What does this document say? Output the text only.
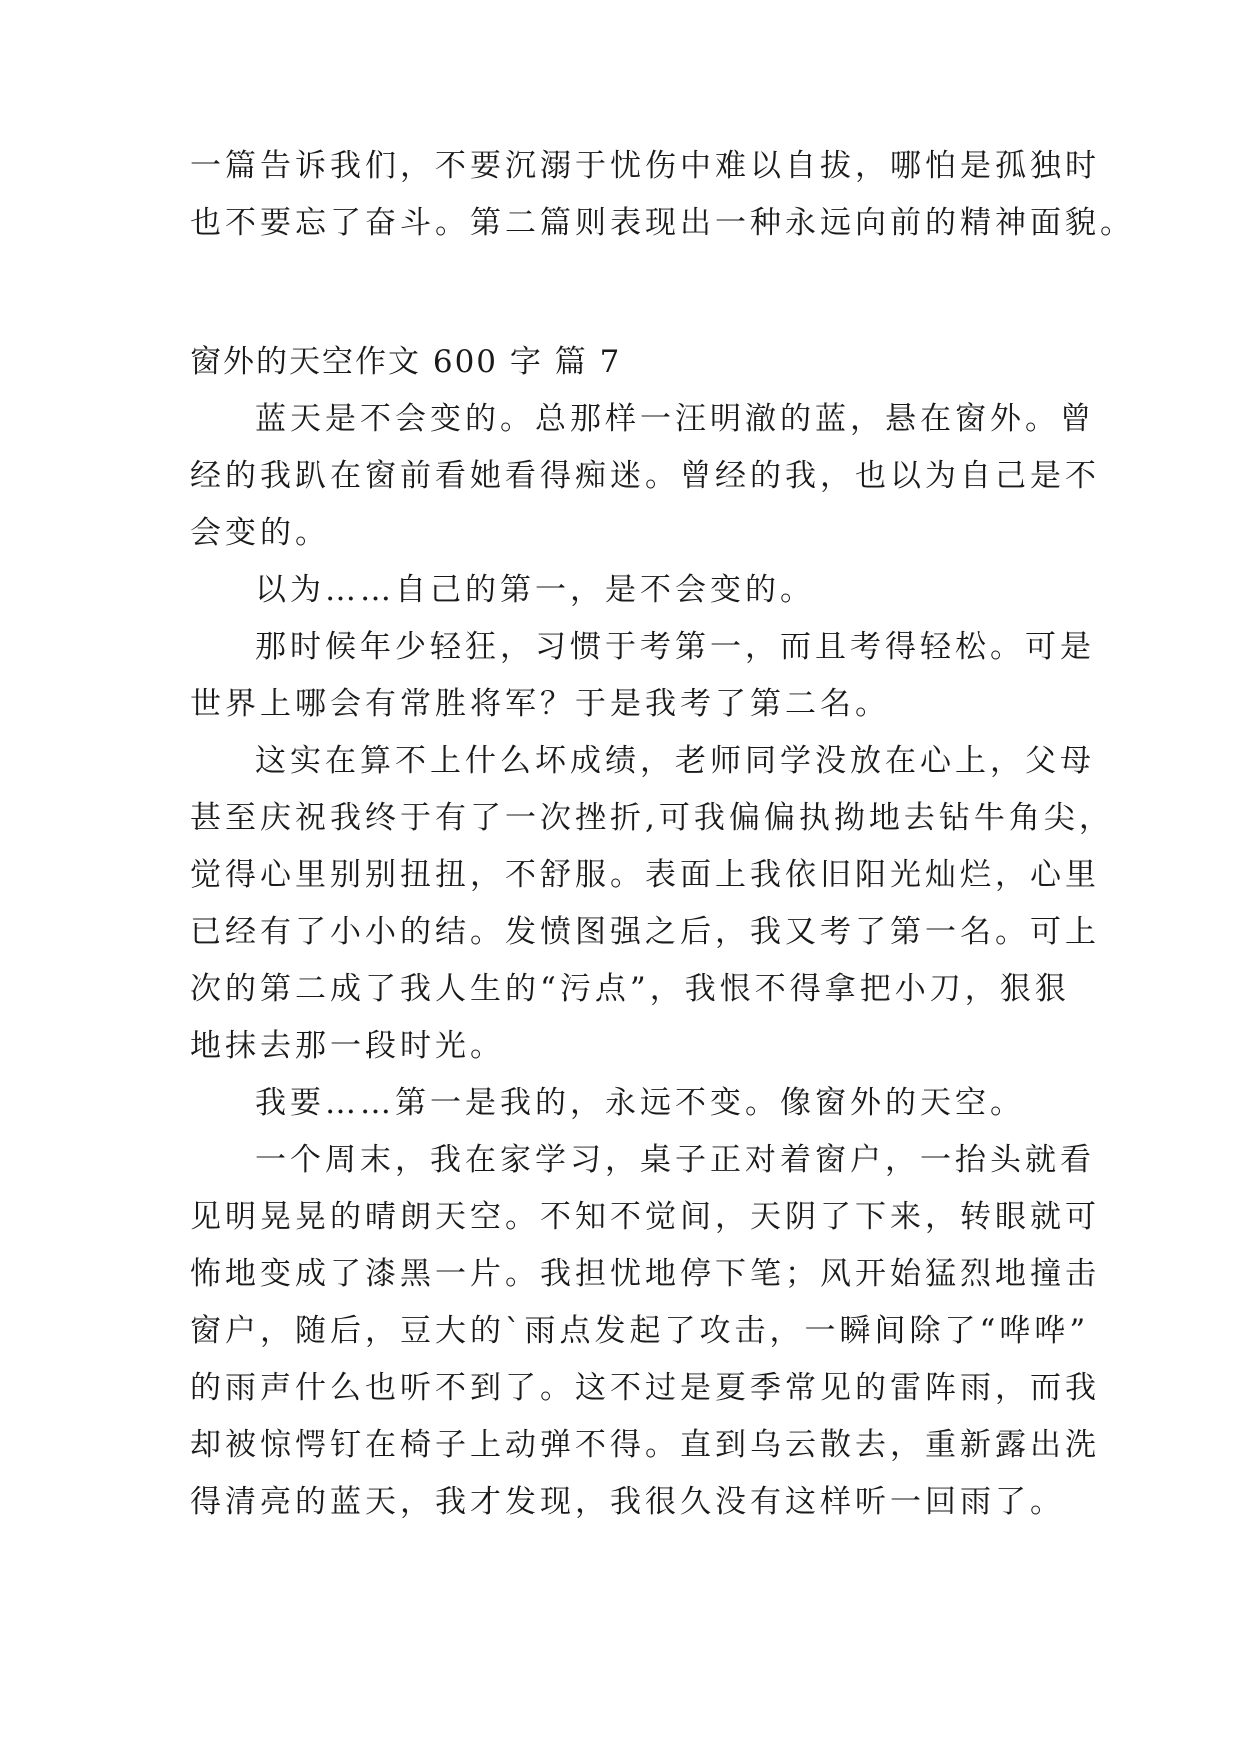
一篇告诉我们，不要沉溺于忧伤中难以自拔，哪怕是孤独时
也不要忘了奋斗。第二篇则表现出一种永远向前的精神面貌。
窗外的天空作文 600 字 篇 7
蓝天是不会变的。总那样一汪明澈的蓝，悬在窗外。曾
经的我趴在窗前看她看得痴迷。曾经的我，也以为自己是不
会变的。
以为……自己的第一，是不会变的。
那时候年少轻狂，习惯于考第一，而且考得轻松。可是
世界上哪会有常胜将军？于是我考了第二名。
这实在算不上什么坏成绩，老师同学没放在心上，父母
甚至庆祝我终于有了一次挫折,可我偏偏执拗地去钻牛角尖，
觉得心里别别扭扭，不舒服。表面上我依旧阳光灿烂，心里
已经有了小小的结。发愤图强之后，我又考了第一名。可上
次的第二成了我人生的“污点”，我恨不得拿把小刀，狠狠
地抹去那一段时光。
我要……第一是我的，永远不变。像窗外的天空。
一个周末，我在家学习，桌子正对着窗户，一抬头就看
见明晃晃的晴朗天空。不知不觉间，天阴了下来，转眼就可
怖地变成了漆黑一片。我担忧地停下笔；风开始猛烈地撞击
窗户，随后，豆大的`雨点发起了攻击，一瞬间除了“哗哗”
的雨声什么也听不到了。这不过是夏季常见的雷阵雨，而我
却被惊愕钉在椅子上动弹不得。直到乌云散去，重新露出洗
得清亮的蓝天，我才发现，我很久没有这样听一回雨了。
